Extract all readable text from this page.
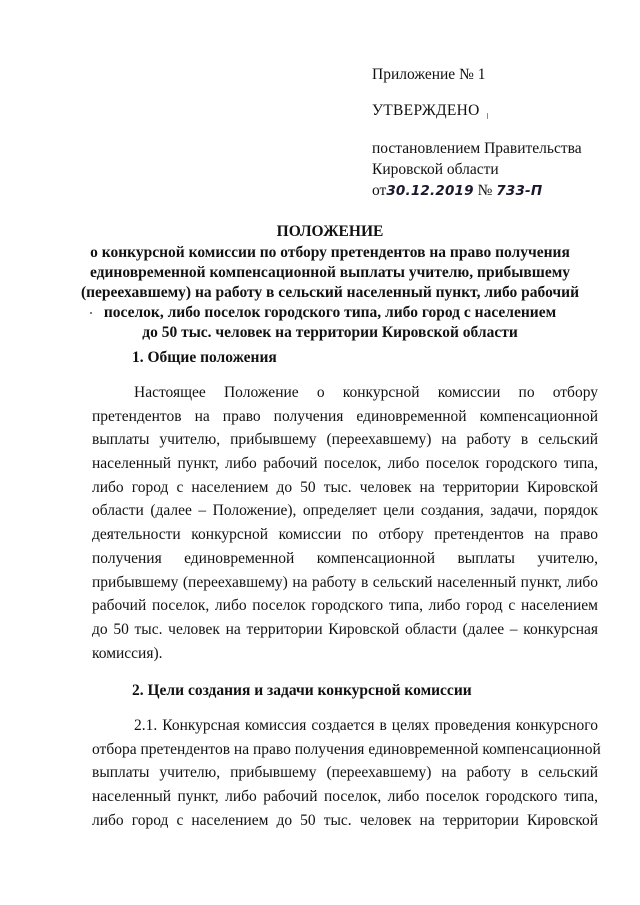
Приложение № 1
УТВЕРЖДЕНО
постановлением Правительства
Кировской области
от30.12.2019 № 733-П
ПОЛОЖЕНИЕ
о конкурсной комиссии по отбору претендентов на право получения
единовременной компенсационной выплаты учителю, прибывшему
(переехавшему) на работу в сельский населенный пункт, либо рабочий
поселок, либо поселок городского типа, либо город с населением
до 50 тыс. человек на территории Кировской области
1. Общие положения
Настоящее Положение о конкурсной комиссии по отбору
претендентов на право получения единовременной компенсационной
выплаты учителю, прибывшему (переехавшему) на работу в сельский
населенный пункт, либо рабочий поселок, либо поселок городского типа,
либо город с населением до 50 тыс. человек на территории Кировской
области (далее – Положение), определяет цели создания, задачи, порядок
деятельности конкурсной комиссии по отбору претендентов на право
получения единовременной компенсационной выплаты учителю,
прибывшему (переехавшему) на работу в сельский населенный пункт, либо
рабочий поселок, либо поселок городского типа, либо город с населением
до 50 тыс. человек на территории Кировской области (далее – конкурсная
комиссия).
2. Цели создания и задачи конкурсной комиссии
2.1. Конкурсная комиссия создается в целях проведения конкурсного
отбора претендентов на право получения единовременной компенсационной
выплаты учителю, прибывшему (переехавшему) на работу в сельский
населенный пункт, либо рабочий поселок, либо поселок городского типа,
либо город с населением до 50 тыс. человек на территории Кировской
